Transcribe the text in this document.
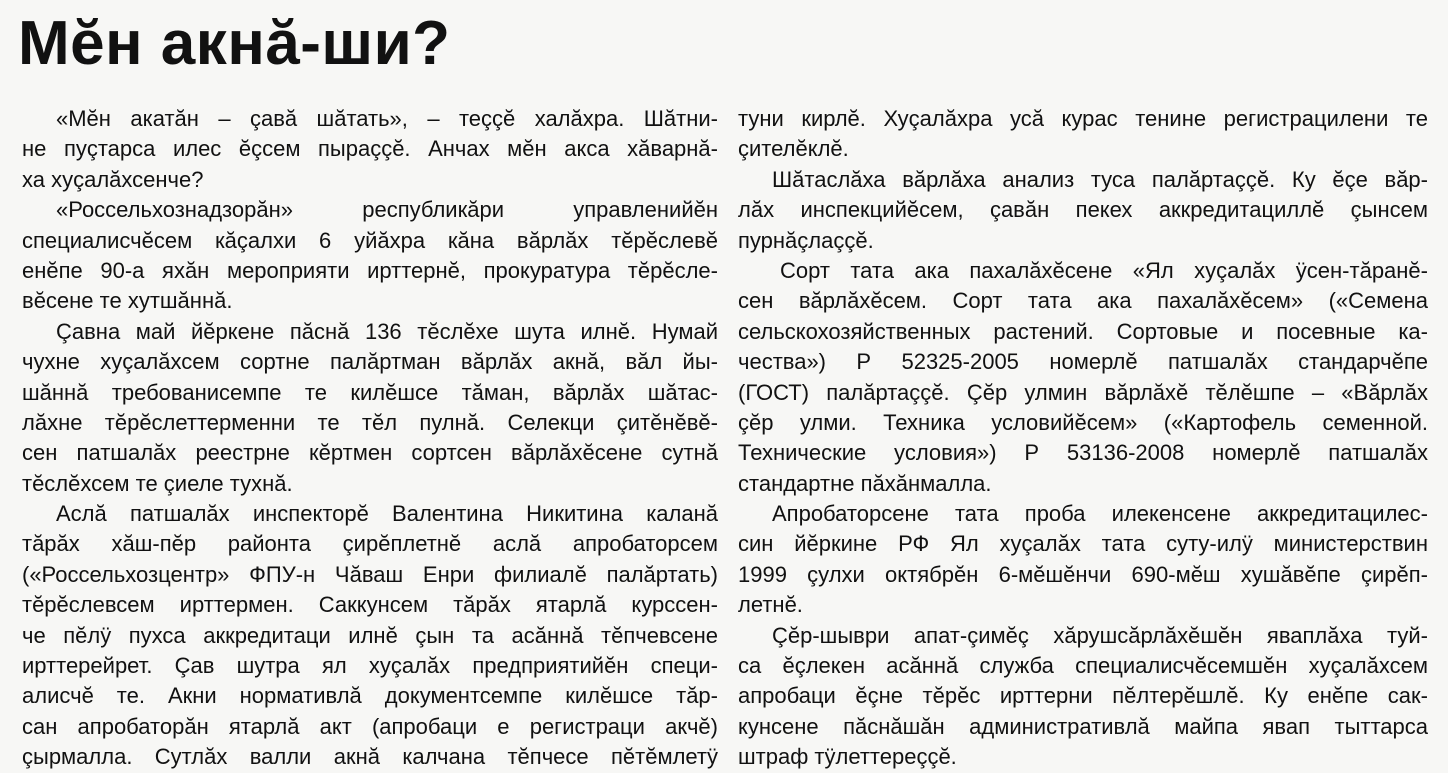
Мĕн акнă-ши?
«Мĕн акатăн – çавă шăтать», – теççĕ халăхра. Шăтни-
не пуçтарса илес ĕçсем пыраççĕ. Анчах мĕн акса хăварнă-
ха хуçалăхсенче?
«Россельхознадзорăн» республикăри управленийĕн
специалисчĕсем кăçалхи 6 уйăхра кăна вăрлăх тĕрĕслевĕ
енĕпе 90-а яхăн мероприяти ирттернĕ, прокуратура тĕрĕсле-
вĕсене те хутшăннă.
Çавна май йĕркене пăснă 136 тĕслĕхе шута илнĕ. Нумай
чухне хуçалăхсем сортне палăртман вăрлăх акнă, вăл йы-
шăннă требованисемпе те килĕшсе тăман, вăрлăх шăтас-
лăхне тĕрĕслеттерменни те тĕл пулнă. Селекци çитĕнĕвĕ-
сен патшалăх реестрне кĕртмен сортсен вăрлăхĕсене сутнă
тĕслĕхсем те çиеле тухнă.
Аслă патшалăх инспекторĕ Валентина Никитина каланă
тăрăх хăш-пĕр районта çирĕплетнĕ аслă апробаторсем
(«Россельхозцентр» ФПУ-н Чăваш Енри филиалĕ палăртать)
тĕрĕслевсем ирттермен. Саккунсем тăрăх ятарлă курссен-
че пĕлÿ пухса аккредитаци илнĕ çын та асăннă тĕпчевсене
ирттерейрет. Çав шутра ял хуçалăх предприятийĕн специ-
алисчĕ те. Акни нормативлă документсемпе килĕшсе тăр-
сан апробаторăн ятарлă акт (апробаци е регистраци акчĕ)
çырмалла. Сутлăх валли акнă калчана тĕпчесе пĕтĕмлетÿ
туни кирлĕ. Хуçалăхра усă курас тенине регистрацилени те
çителĕклĕ.
Шăтаслăха вăрлăха анализ туса палăртаççĕ. Ку ĕçе вăр-
лăх инспекцийĕсем, çавăн пекех аккредитациллĕ çынсем
пурнăçлаççĕ.
Сорт тата ака пахалăхĕсене «Ял хуçалăх ÿсен-тăранĕ-
сен вăрлăхĕсем. Сорт тата ака пахалăхĕсем» («Семена
сельскохозяйственных растений. Сортовые и посевные ка-
чества») Р 52325-2005 номерлĕ патшалăх стандарчĕпе
(ГОСТ) палăртаççĕ. Çĕр улмин вăрлăхĕ тĕлĕшпе – «Вăрлăх
çĕр улми. Техника условийĕсем» («Картофель семенной.
Технические условия») Р 53136-2008 номерлĕ патшалăх
стандартне пăхăнмалла.
Апробаторсене тата проба илекенсене аккредитацилес-
син йĕркине РФ Ял хуçалăх тата суту-илÿ министерствин
1999 çулхи октябрĕн 6-мĕшĕнчи 690-мĕш хушăвĕпе çирĕп-
летнĕ.
Çĕр-шыври апат-çимĕç хăрушсăрлăхĕшĕн яваплăха туй-
са ĕçлекен асăннă служба специалисчĕсемшĕн хуçалăхсем
апробаци ĕçне тĕрĕс ирттерни пĕлтерĕшлĕ. Ку енĕпе сак-
кунсене пăснăшăн административлă майпа явап тыттарса
штраф тÿлеттереççĕ.
